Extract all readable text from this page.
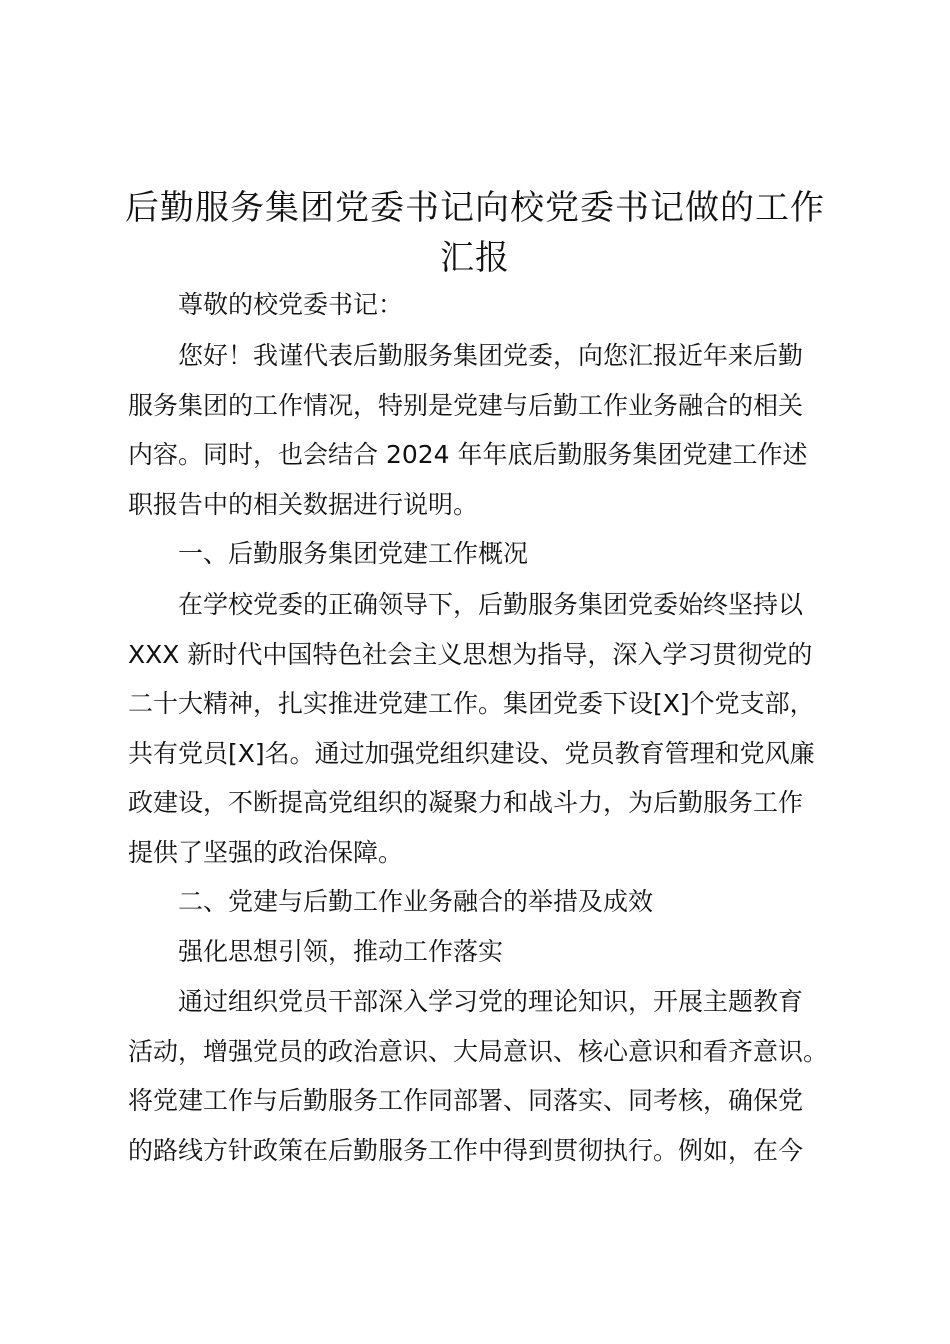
后勤服务集团党委书记向校党委书记做的工作
汇报

尊敬的校党委书记：

您好！我谨代表后勤服务集团党委，向您汇报近年来后勤

服务集团的工作情况，特别是党建与后勤工作业务融合的相关

内容。同时，也会结合 2024 年年底后勤服务集团党建工作述

职报告中的相关数据进行说明。

一、后勤服务集团党建工作概况

在学校党委的正确领导下，后勤服务集团党委始终坚持以

XXX 新时代中国特色社会主义思想为指导，深入学习贯彻党的

二十大精神，扎实推进党建工作。集团党委下设[X]个党支部，

共有党员[X]名。通过加强党组织建设、党员教育管理和党风廉

政建设，不断提高党组织的凝聚力和战斗力，为后勤服务工作

提供了坚强的政治保障。

二、党建与后勤工作业务融合的举措及成效

强化思想引领，推动工作落实

通过组织党员干部深入学习党的理论知识，开展主题教育

活动，增强党员的政治意识、大局意识、核心意识和看齐意识。

将党建工作与后勤服务工作同部署、同落实、同考核，确保党

的路线方针政策在后勤服务工作中得到贯彻执行。例如，在今
